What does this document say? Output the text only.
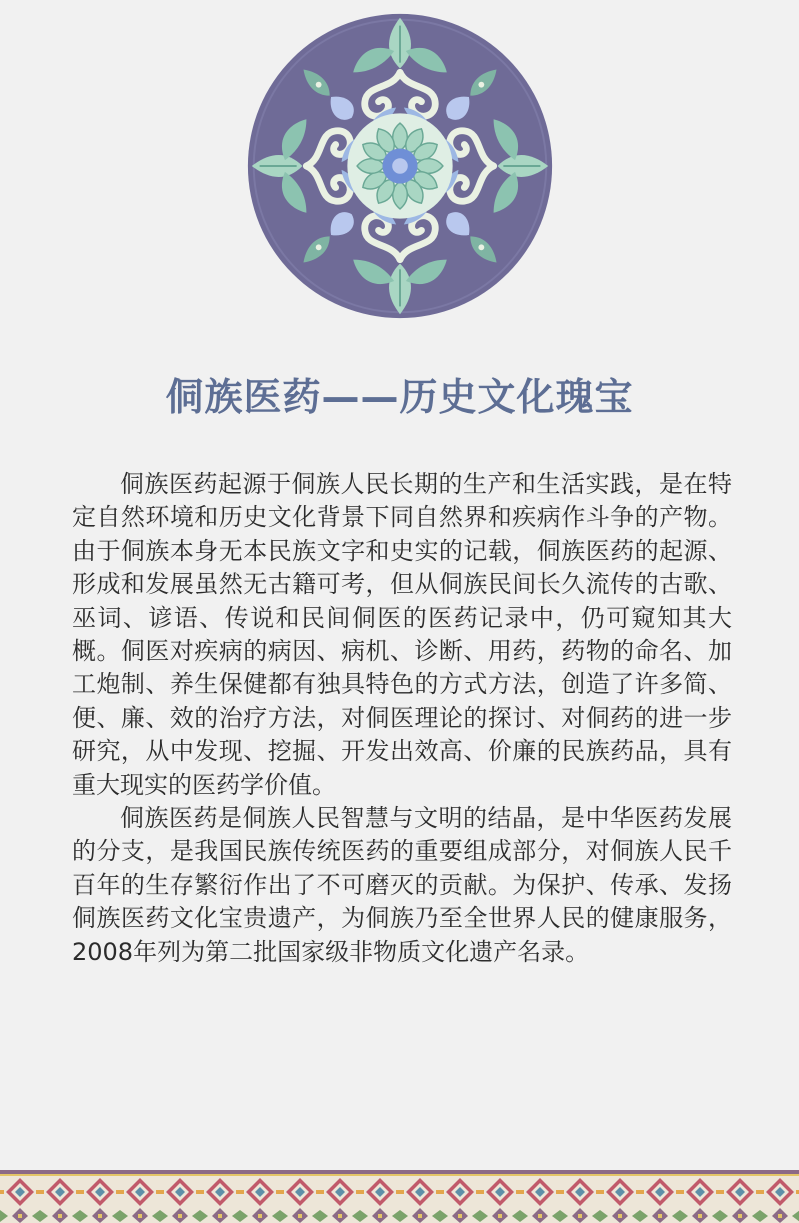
侗族医药——历史文化瑰宝

侗族医药起源于侗族人民长期的生产和生活实践，是在特定自然环境和历史文化背景下同自然界和疾病作斗争的产物。由于侗族本身无本民族文字和史实的记载，侗族医药的起源、形成和发展虽然无古籍可考，但从侗族民间长久流传的古歌、巫词、谚语、传说和民间侗医的医药记录中，仍可窥知其大概。侗医对疾病的病因、病机、诊断、用药，药物的命名、加工炮制、养生保健都有独具特色的方式方法，创造了许多简、便、廉、效的治疗方法，对侗医理论的探讨、对侗药的进一步研究，从中发现、挖掘、开发出效高、价廉的民族药品，具有重大现实的医药学价值。

侗族医药是侗族人民智慧与文明的结晶，是中华医药发展的分支，是我国民族传统医药的重要组成部分，对侗族人民千百年的生存繁衍作出了不可磨灭的贡献。为保护、传承、发扬侗族医药文化宝贵遗产，为侗族乃至全世界人民的健康服务，2008年列为第二批国家级非物质文化遗产名录。
